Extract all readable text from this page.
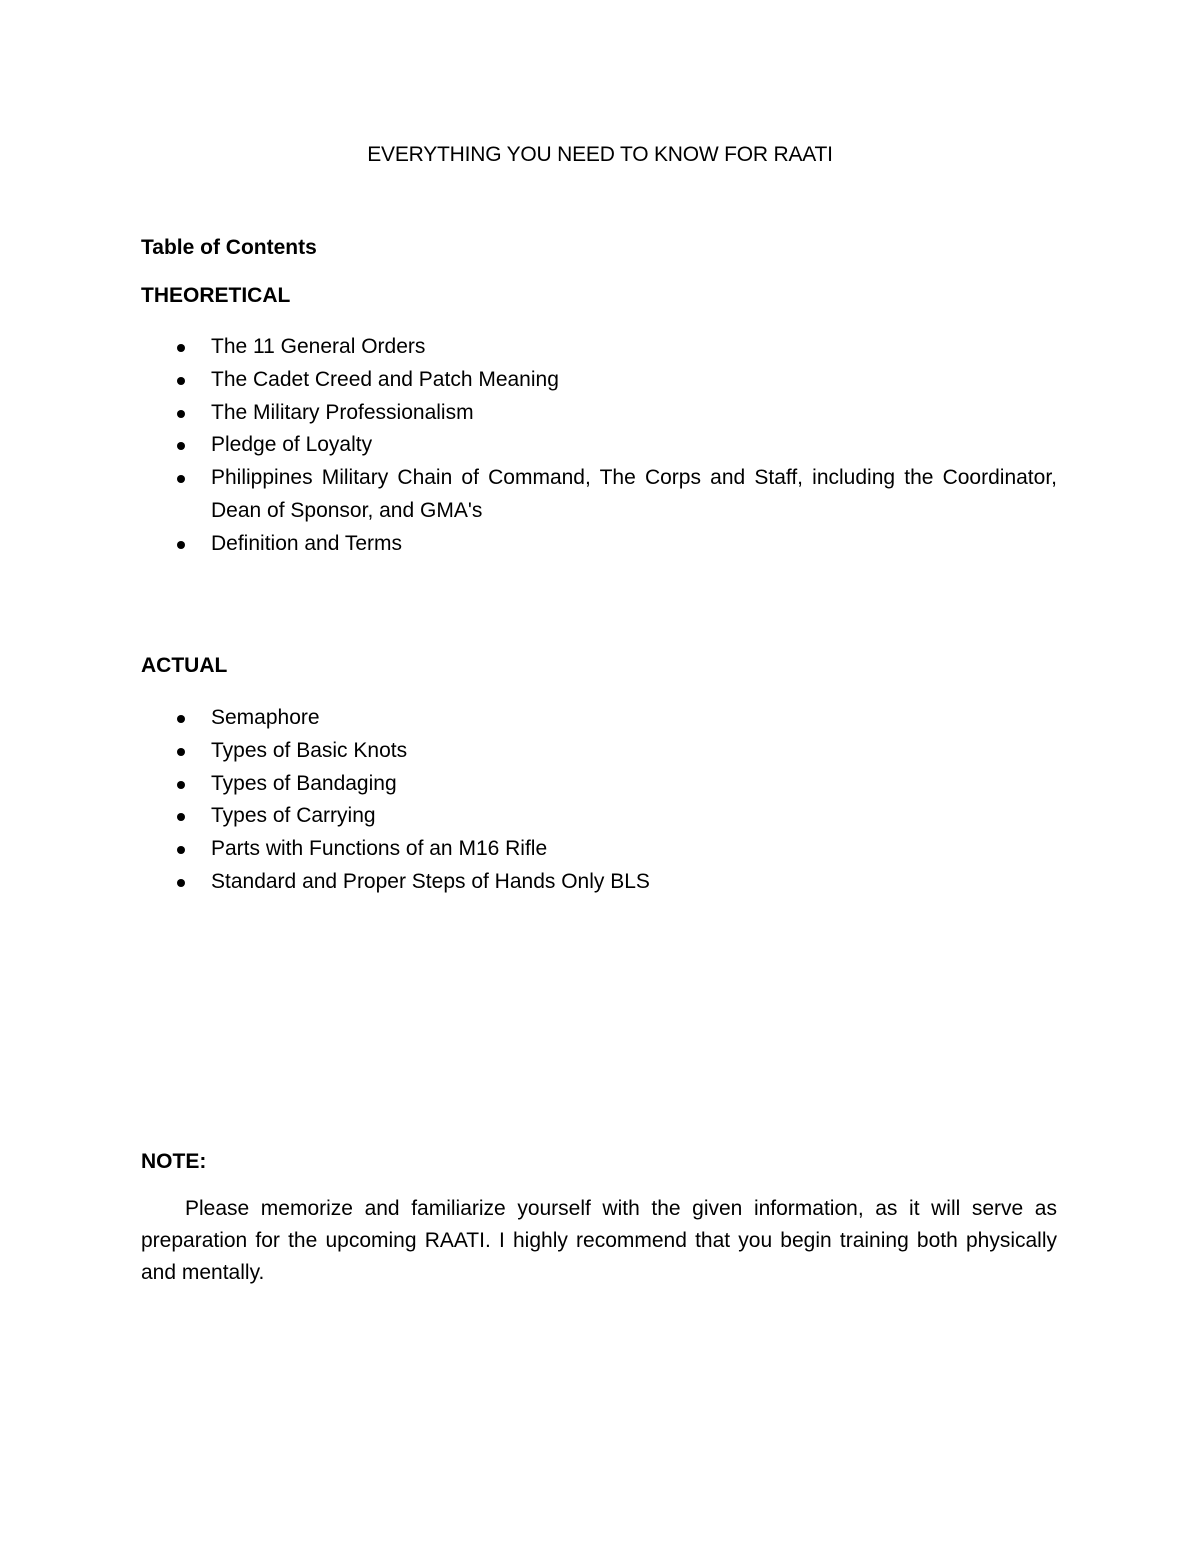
EVERYTHING YOU NEED TO KNOW FOR RAATI
Table of Contents
THEORETICAL
The 11 General Orders
The Cadet Creed and Patch Meaning
The Military Professionalism
Pledge of Loyalty
Philippines Military Chain of Command, The Corps and Staff, including the Coordinator, Dean of Sponsor, and GMA's
Definition and Terms
ACTUAL
Semaphore
Types of Basic Knots
Types of Bandaging
Types of Carrying
Parts with Functions of an M16 Rifle
Standard and Proper Steps of Hands Only BLS
NOTE:

Please memorize and familiarize yourself with the given information, as it will serve as preparation for the upcoming RAATI. I highly recommend that you begin training both physically and mentally.
